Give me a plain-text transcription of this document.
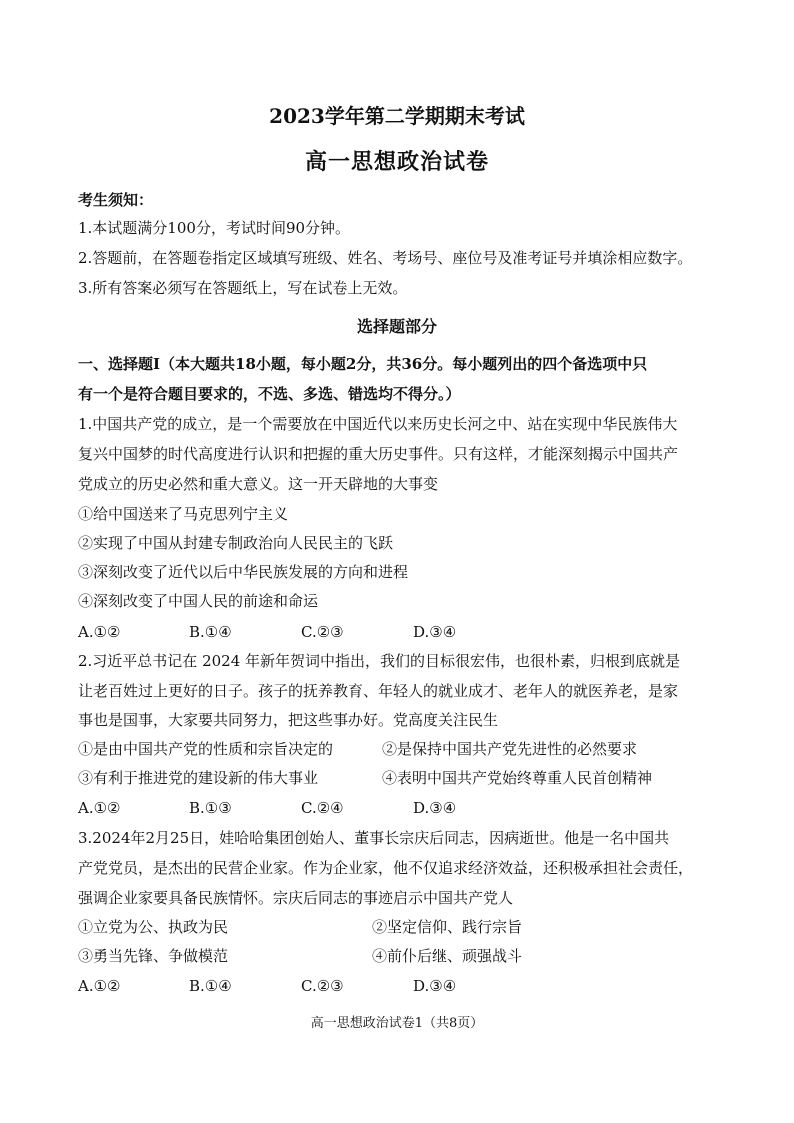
2023学年第二学期期末考试
高一思想政治试卷
考生须知：
1.本试题满分100分，考试时间90分钟。
2.答题前，在答题卷指定区域填写班级、姓名、考场号、座位号及准考证号并填涂相应数字。
3.所有答案必须写在答题纸上，写在试卷上无效。
选择题部分
一、选择题Ⅰ（本大题共18小题，每小题2分，共36分。每小题列出的四个备选项中只
有一个是符合题目要求的，不选、多选、错选均不得分。）
1.中国共产党的成立，是一个需要放在中国近代以来历史长河之中、站在实现中华民族伟大
复兴中国梦的时代高度进行认识和把握的重大历史事件。只有这样，才能深刻揭示中国共产
党成立的历史必然和重大意义。这一开天辟地的大事变
①给中国送来了马克思列宁主义
②实现了中国从封建专制政治向人民民主的飞跃
③深刻改变了近代以后中华民族发展的方向和进程
④深刻改变了中国人民的前途和命运
A.①②	B.①④	C.②③	D.③④
2.习近平总书记在 2024 年新年贺词中指出，我们的目标很宏伟，也很朴素，归根到底就是
让老百姓过上更好的日子。孩子的抚养教育、年轻人的就业成才、老年人的就医养老，是家
事也是国事，大家要共同努力，把这些事办好。党高度关注民生
①是由中国共产党的性质和宗旨决定的	②是保持中国共产党先进性的必然要求
③有利于推进党的建设新的伟大事业	④表明中国共产党始终尊重人民首创精神
A.①②	B.①③	C.②④	D.③④
3.2024年2月25日，娃哈哈集团创始人、董事长宗庆后同志，因病逝世。他是一名中国共
产党党员，是杰出的民营企业家。作为企业家，他不仅追求经济效益，还积极承担社会责任，
强调企业家要具备民族情怀。宗庆后同志的事迹启示中国共产党人
①立党为公、执政为民	②坚定信仰、践行宗旨
③勇当先锋、争做模范	④前仆后继、顽强战斗
A.①②	B.①④	C.②③	D.③④
高一思想政治试卷1（共8页）
